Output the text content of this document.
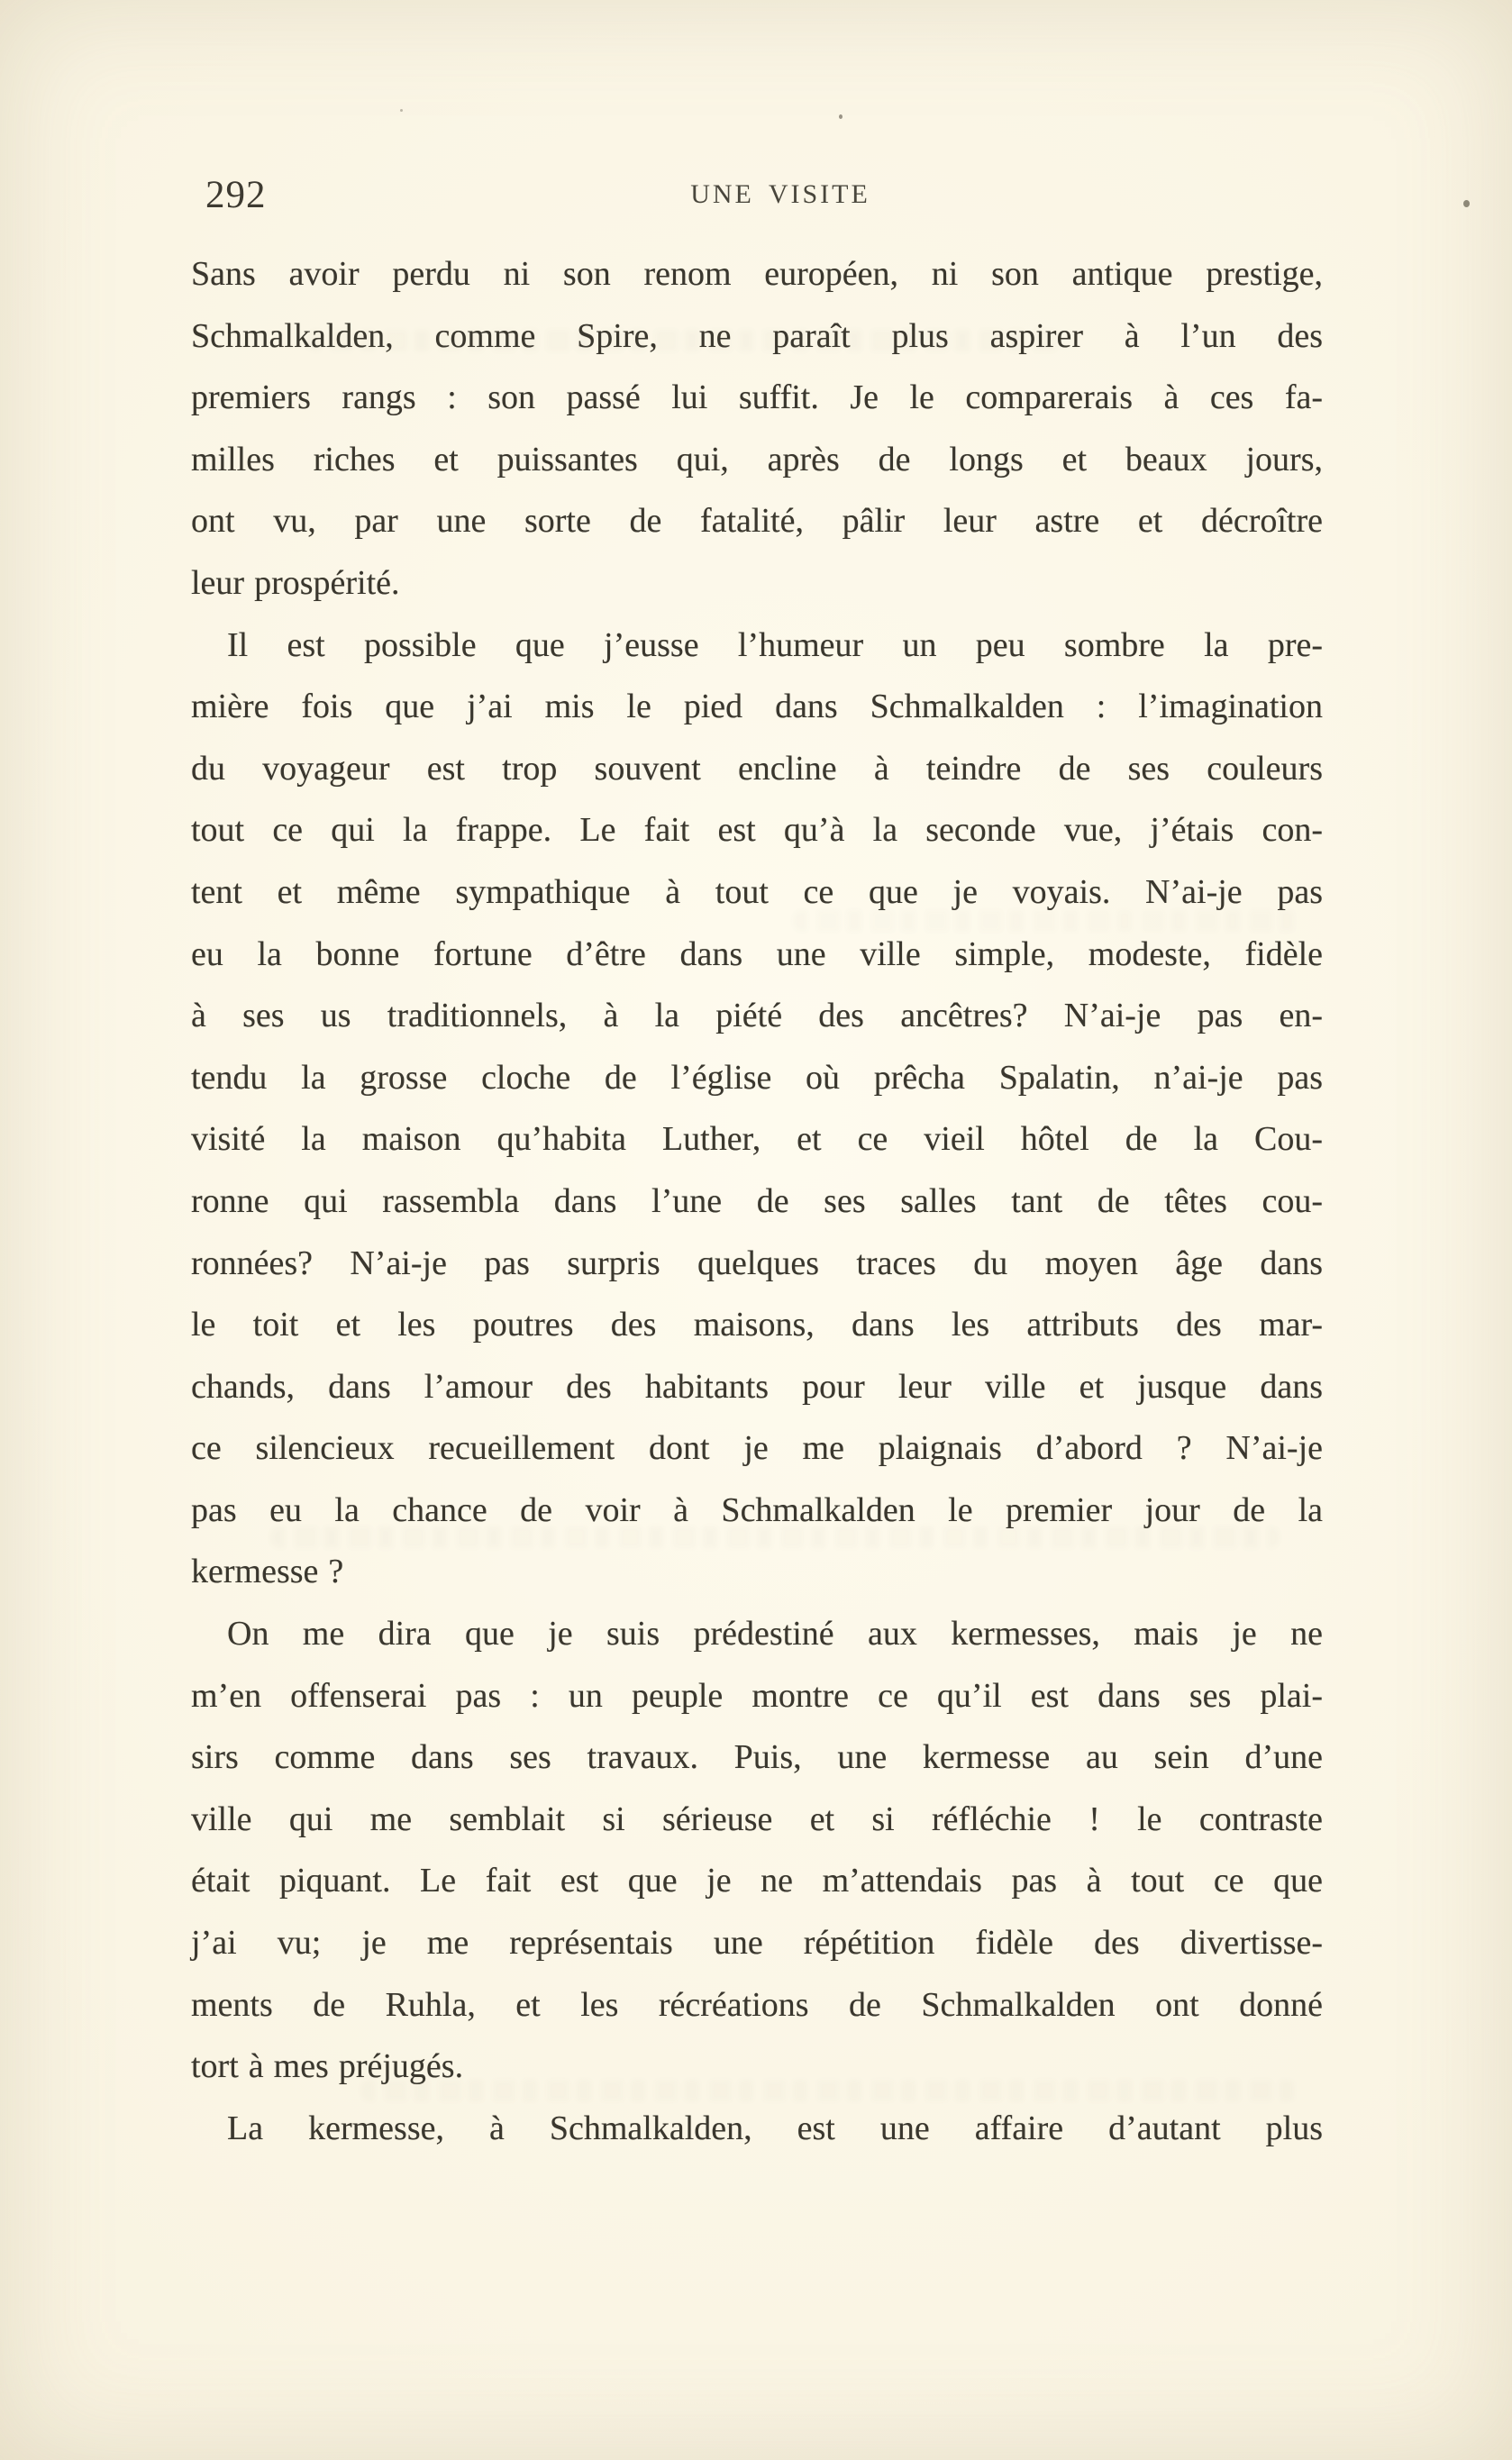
292	UNE VISITE
Sans avoir perdu ni son renom européen, ni son antique prestige,
Schmalkalden, comme Spire, ne paraît plus aspirer à l’un des
premiers rangs : son passé lui suffit. Je le comparerais à ces fa-
milles riches et puissantes qui, après de longs et beaux jours,
ont vu, par une sorte de fatalité, pâlir leur astre et décroître
leur prospérité.
Il est possible que j’eusse l’humeur un peu sombre la pre-
mière fois que j’ai mis le pied dans Schmalkalden : l’imagination
du voyageur est trop souvent encline à teindre de ses couleurs
tout ce qui la frappe. Le fait est qu’à la seconde vue, j’étais con-
tent et même sympathique à tout ce que je voyais. N’ai-je pas
eu la bonne fortune d’être dans une ville simple, modeste, fidèle
à ses us traditionnels, à la piété des ancêtres? N’ai-je pas en-
tendu la grosse cloche de l’église où prêcha Spalatin, n’ai-je pas
visité la maison qu’habita Luther, et ce vieil hôtel de la Cou-
ronne qui rassembla dans l’une de ses salles tant de têtes cou-
ronnées? N’ai-je pas surpris quelques traces du moyen âge dans
le toit et les poutres des maisons, dans les attributs des mar-
chands, dans l’amour des habitants pour leur ville et jusque dans
ce silencieux recueillement dont je me plaignais d’abord ? N’ai-je
pas eu la chance de voir à Schmalkalden le premier jour de la
kermesse ?
On me dira que je suis prédestiné aux kermesses, mais je ne
m’en offenserai pas : un peuple montre ce qu’il est dans ses plai-
sirs comme dans ses travaux. Puis, une kermesse au sein d’une
ville qui me semblait si sérieuse et si réfléchie ! le contraste
était piquant. Le fait est que je ne m’attendais pas à tout ce que
j’ai vu; je me représentais une répétition fidèle des divertisse-
ments de Ruhla, et les récréations de Schmalkalden ont donné
tort à mes préjugés.
La kermesse, à Schmalkalden, est une affaire d’autant plus
